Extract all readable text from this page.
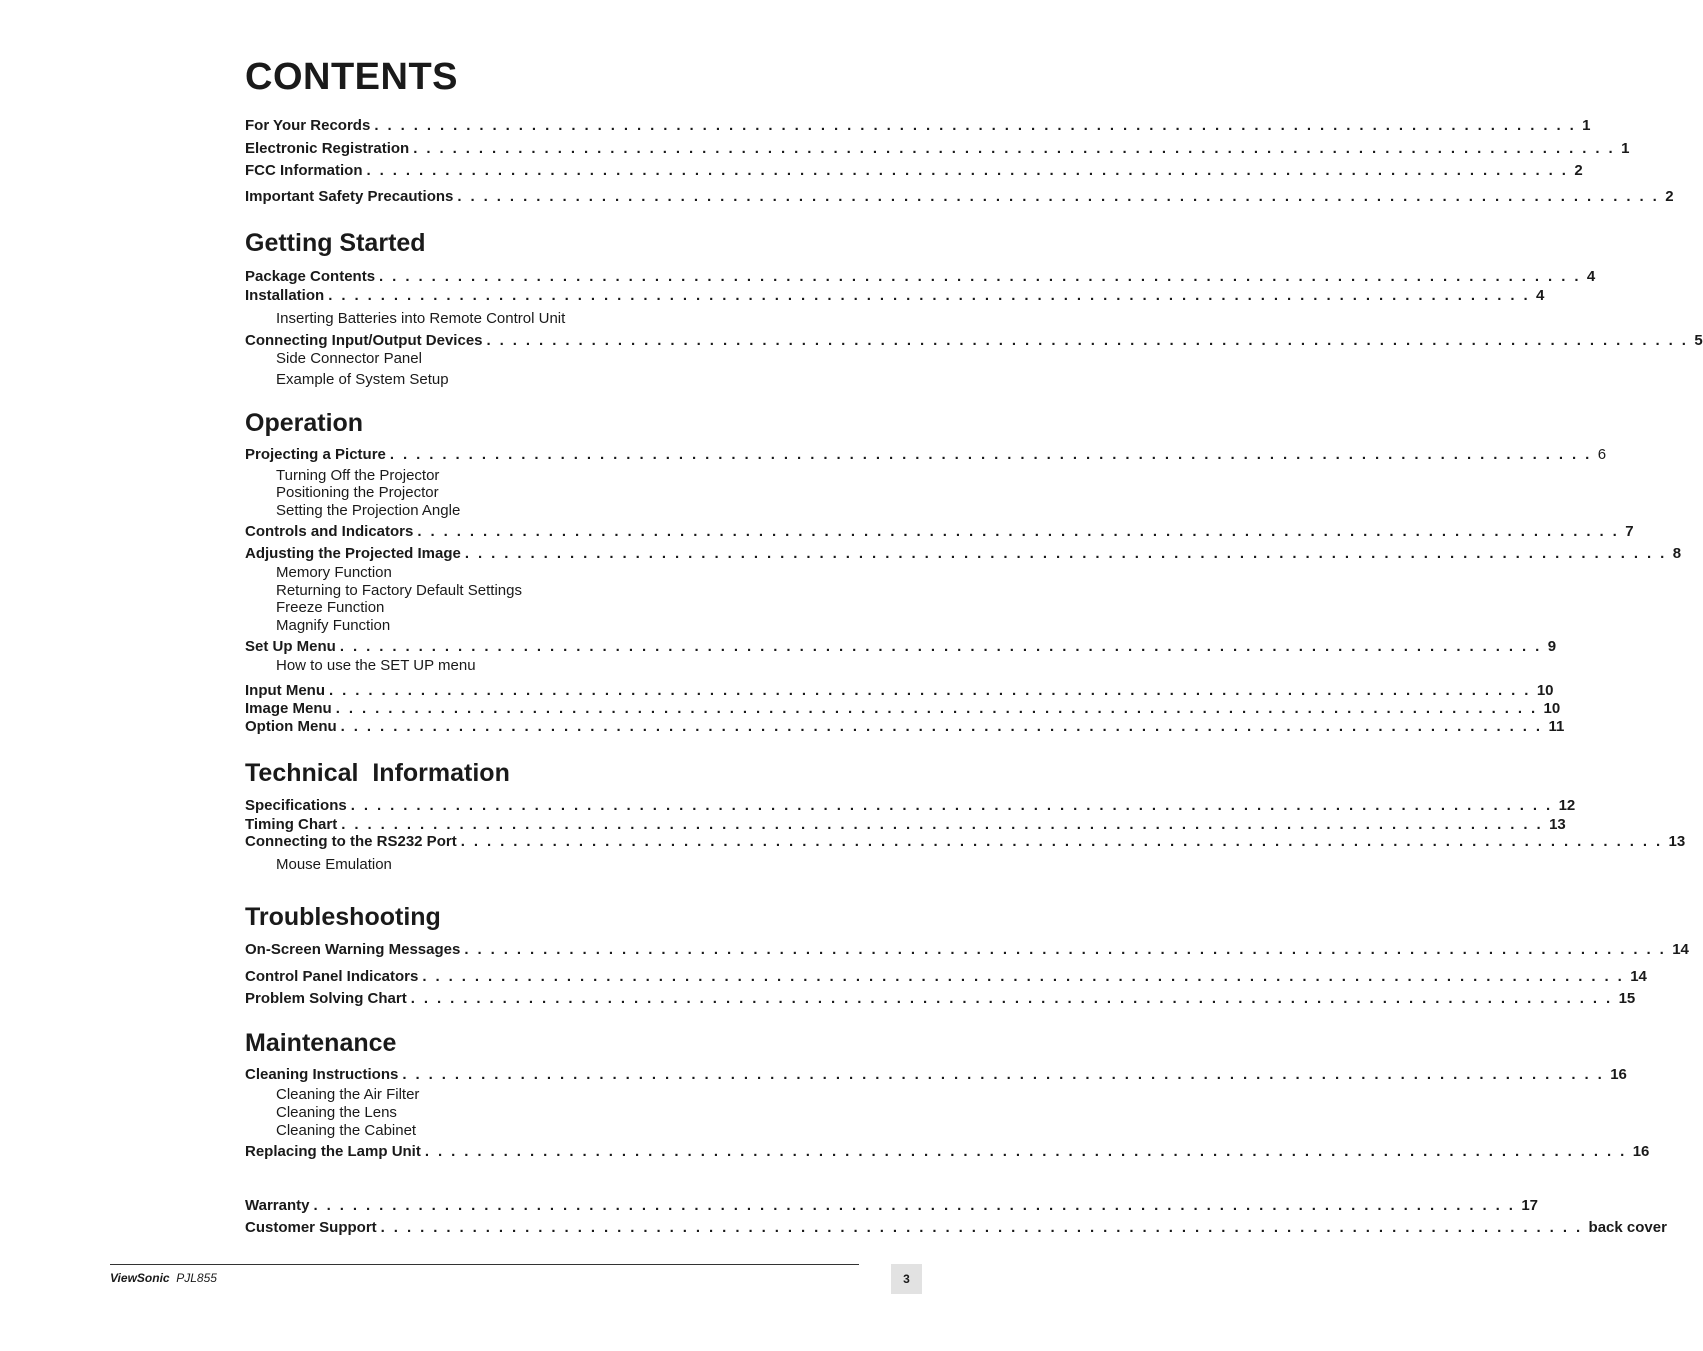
CONTENTS
For Your Records . . . . . . . . . . . . . . . . . . . . . . . . . . . . . . . . . . . . . . . . . . . . . . . . . . . . . . . . . . . . . . . . . . . . . . . . . . . . . . . . . . . . . . . . . . . . 1
Electronic Registration . . . . . . . . . . . . . . . . . . . . . . . . . . . . . . . . . . . . . . . . . . . . . . . . . . . . . . . . . . . . . . . . . . . . . . . . . . . . . . . . . . . . . . . . . . . . 1
FCC Information . . . . . . . . . . . . . . . . . . . . . . . . . . . . . . . . . . . . . . . . . . . . . . . . . . . . . . . . . . . . . . . . . . . . . . . . . . . . . . . . . . . . . . . . . . . . 2
Important Safety Precautions . . . . . . . . . . . . . . . . . . . . . . . . . . . . . . . . . . . . . . . . . . . . . . . . . . . . . . . . . . . . . . . . . . . . . . . . . . . . . . . . . . . . . . . . . . . . 2
Getting Started
Package Contents . . . . . . . . . . . . . . . . . . . . . . . . . . . . . . . . . . . . . . . . . . . . . . . . . . . . . . . . . . . . . . . . . . . . . . . . . . . . . . . . . . . . . . . . . . . . 4
Installation . . . . . . . . . . . . . . . . . . . . . . . . . . . . . . . . . . . . . . . . . . . . . . . . . . . . . . . . . . . . . . . . . . . . . . . . . . . . . . . . . . . . . . . . . . . . 4
Inserting Batteries into Remote Control Unit
Connecting Input/Output Devices . . . . . . . . . . . . . . . . . . . . . . . . . . . . . . . . . . . . . . . . . . . . . . . . . . . . . . . . . . . . . . . . . . . . . . . . . . . . . . . . . . . . . . . . . . . . 5
Side Connector Panel
Example of System Setup
Operation
Projecting a Picture . . . . . . . . . . . . . . . . . . . . . . . . . . . . . . . . . . . . . . . . . . . . . . . . . . . . . . . . . . . . . . . . . . . . . . . . . . . . . . . . . . . . . . . . . . . . 6
Turning Off the Projector
Positioning the Projector
Setting the Projection Angle
Controls and Indicators . . . . . . . . . . . . . . . . . . . . . . . . . . . . . . . . . . . . . . . . . . . . . . . . . . . . . . . . . . . . . . . . . . . . . . . . . . . . . . . . . . . . . . . . . . . . 7
Adjusting the Projected Image . . . . . . . . . . . . . . . . . . . . . . . . . . . . . . . . . . . . . . . . . . . . . . . . . . . . . . . . . . . . . . . . . . . . . . . . . . . . . . . . . . . . . . . . . . . . 8
Memory Function
Returning to Factory Default Settings
Freeze Function
Magnify Function
Set Up Menu . . . . . . . . . . . . . . . . . . . . . . . . . . . . . . . . . . . . . . . . . . . . . . . . . . . . . . . . . . . . . . . . . . . . . . . . . . . . . . . . . . . . . . . . . . . . 9
How to use the SET UP menu
Input Menu . . . . . . . . . . . . . . . . . . . . . . . . . . . . . . . . . . . . . . . . . . . . . . . . . . . . . . . . . . . . . . . . . . . . . . . . . . . . . . . . . . . . . . . . . . . . 10
Image Menu . . . . . . . . . . . . . . . . . . . . . . . . . . . . . . . . . . . . . . . . . . . . . . . . . . . . . . . . . . . . . . . . . . . . . . . . . . . . . . . . . . . . . . . . . . . . 10
Option Menu . . . . . . . . . . . . . . . . . . . . . . . . . . . . . . . . . . . . . . . . . . . . . . . . . . . . . . . . . . . . . . . . . . . . . . . . . . . . . . . . . . . . . . . . . . . . 11
Technical  Information
Specifications . . . . . . . . . . . . . . . . . . . . . . . . . . . . . . . . . . . . . . . . . . . . . . . . . . . . . . . . . . . . . . . . . . . . . . . . . . . . . . . . . . . . . . . . . . . . 12
Timing Chart . . . . . . . . . . . . . . . . . . . . . . . . . . . . . . . . . . . . . . . . . . . . . . . . . . . . . . . . . . . . . . . . . . . . . . . . . . . . . . . . . . . . . . . . . . . . 13
Connecting to the RS232 Port . . . . . . . . . . . . . . . . . . . . . . . . . . . . . . . . . . . . . . . . . . . . . . . . . . . . . . . . . . . . . . . . . . . . . . . . . . . . . . . . . . . . . . . . . . . . 13
Mouse Emulation
Troubleshooting
On-Screen Warning Messages . . . . . . . . . . . . . . . . . . . . . . . . . . . . . . . . . . . . . . . . . . . . . . . . . . . . . . . . . . . . . . . . . . . . . . . . . . . . . . . . . . . . . . . . . . . . 14
Control Panel Indicators . . . . . . . . . . . . . . . . . . . . . . . . . . . . . . . . . . . . . . . . . . . . . . . . . . . . . . . . . . . . . . . . . . . . . . . . . . . . . . . . . . . . . . . . . . . . 14
Problem Solving Chart . . . . . . . . . . . . . . . . . . . . . . . . . . . . . . . . . . . . . . . . . . . . . . . . . . . . . . . . . . . . . . . . . . . . . . . . . . . . . . . . . . . . . . . . . . . . 15
Maintenance
Cleaning Instructions . . . . . . . . . . . . . . . . . . . . . . . . . . . . . . . . . . . . . . . . . . . . . . . . . . . . . . . . . . . . . . . . . . . . . . . . . . . . . . . . . . . . . . . . . . . . 16
Cleaning the Air Filter
Cleaning the Lens
Cleaning the Cabinet
Replacing the Lamp Unit . . . . . . . . . . . . . . . . . . . . . . . . . . . . . . . . . . . . . . . . . . . . . . . . . . . . . . . . . . . . . . . . . . . . . . . . . . . . . . . . . . . . . . . . . . . . 16
Warranty . . . . . . . . . . . . . . . . . . . . . . . . . . . . . . . . . . . . . . . . . . . . . . . . . . . . . . . . . . . . . . . . . . . . . . . . . . . . . . . . . . . . . . . . . . . . 17
Customer Support . . . . . . . . . . . . . . . . . . . . . . . . . . . . . . . . . . . . . . . . . . . . . . . . . . . . . . . . . . . . . . . . . . . . . . . . . . . . . . . . . . . . . . . . . . . . back cover
ViewSonic PJL855	3
